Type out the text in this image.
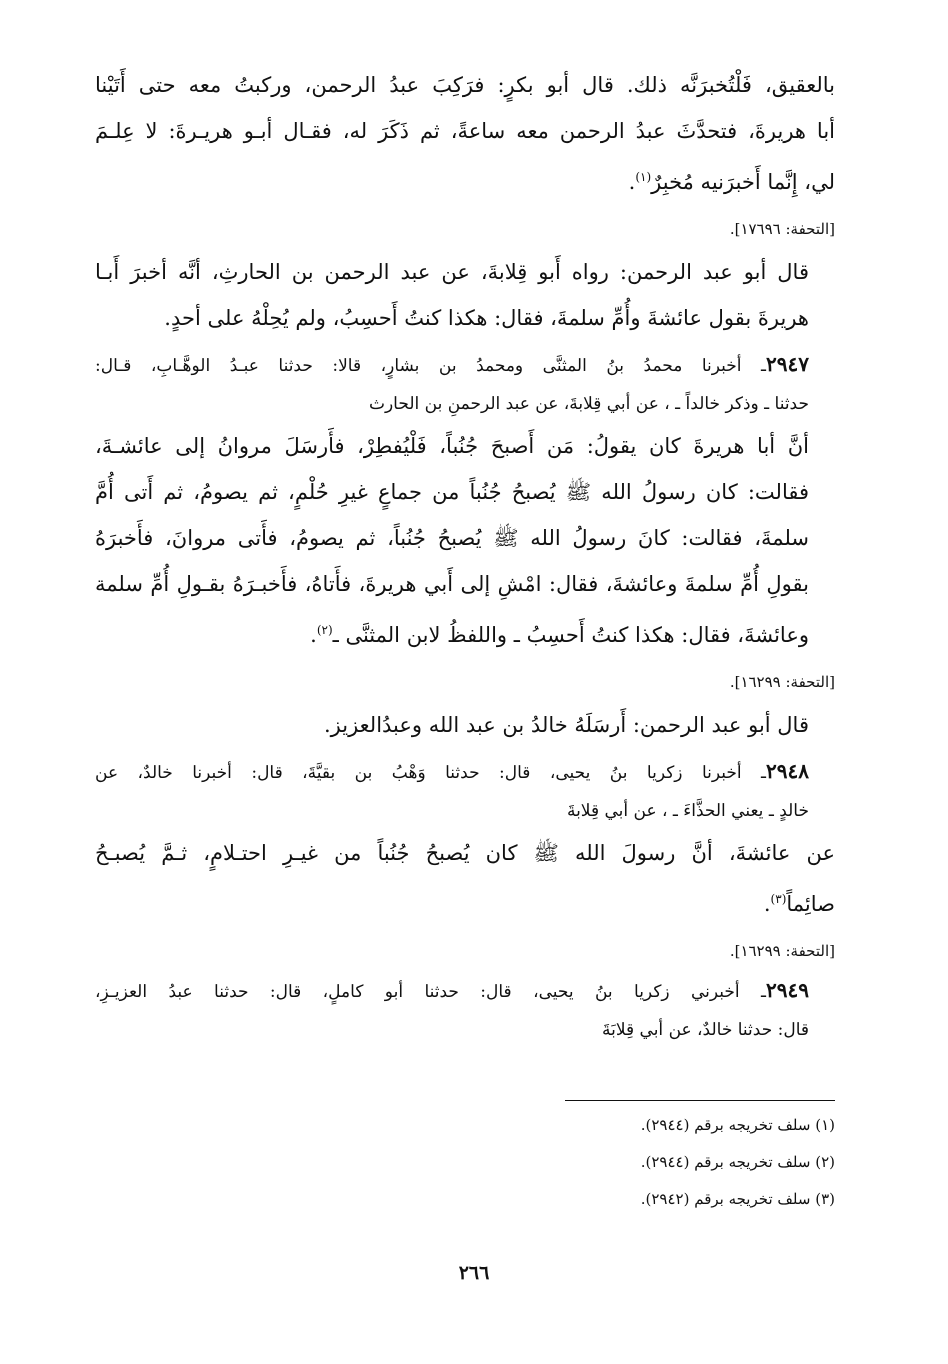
بالعقيق، فَلْتُخبرَنَّه ذلك. قال أبو بكرٍ: فرَكِبَ عبدُ الرحمن، وركبتُ معه حتى أَتَيْنا
أبا هريرةَ، فتحدَّثَ عبدُ الرحمن معه ساعةً، ثم ذَكَرَ له، فقـال أبـو هريـرةَ: لا عِلـمَ
لي، إِنَّما أَخبرَنيه مُخبِرٌ$^{(١)}$.

[التحفة: ١٧٦٩٦].

قال أبو عبد الرحمن: رواه أَبو قِلابةَ، عن عبد الرحمن بن الحارثِ، أنَّه أخبرَ أَبـا
هريرةَ بقول عائشةَ وأُمِّ سلمةَ، فقال: هكذا كنتُ أَحسِبُ، ولم يُحِلْهُ على أحدٍ.

٢٩٤٧ـ أخبرنا محمدُ بنُ المثنَّى ومحمدُ بن بشارٍ، قالا: حدثنا عبـدُ الوهَّـابِ، قـال:
حدثنا ـ وذكر خالداً ـ ، عن أبي قِلابةَ، عن عبد الرحمنِ بن الحارث

أنَّ أبا هريرةَ كان يقولُ: مَن أَصبحَ جُنُباً، فَلْيُفطِرْ، فأَرسَلَ مروانُ إلى عائشـةَ،
فقالت: كان رسولُ الله ﷺ يُصبحُ جُنُباً من جماعٍ غيرِ حُلْمٍ، ثم يصومُ، ثم أَتى أُمَّ
سلمةَ، فقالت: كانَ رسولُ الله ﷺ يُصبحُ جُنُباً، ثم يصومُ، فأَتى مروانَ، فأَخبرَهُ
بقولِ أُمِّ سلمةَ وعائشةَ، فقال: امْشِ إلى أَبي هريرةَ، فأَتاهُ، فأَخبـرَهُ بقـولِ أُمِّ سلمة
وعائشةَ، فقال: هكذا كنتُ أَحسِبُ ـ واللفظُ لابن المثنَّى ـ$^{(٢)}$.

[التحفة: ١٦٢٩٩].

قال أبو عبد الرحمن: أَرسَلَهُ خالدُ بن عبد الله وعبدُالعزيز.

٢٩٤٨ـ أخبرنا زكريا بنُ يحيى، قال: حدثنا وَهْبُ بن بقيَّةَ، قال: أخبرنا خالدٌ، عن
خالدٍ ـ يعني الحذَّاءَ ـ ، عن أبي قِلابةَ

عن عائشةَ، أنَّ رسولَ الله ﷺ كان يُصبحُ جُنُباً من غيـرِ احتـلامٍ، ثـمَّ يُصبـحُ
صائِماً$^{(٣)}$.

[التحفة: ١٦٢٩٩].
٢٩٤٩ـ أخبرني زكريا بنُ يحيى، قال: حدثنا أبو كاملٍ، قال: حدثنا عبدُ العزيـزِ،
قال: حدثنا خالدٌ، عن أبي قِلابَةَ
(١) سلف تخريجه برقم (٢٩٤٤).
(٢) سلف تخريجه برقم (٢٩٤٤).
(٣) سلف تخريجه برقم (٢٩٤٢).
٢٦٦
